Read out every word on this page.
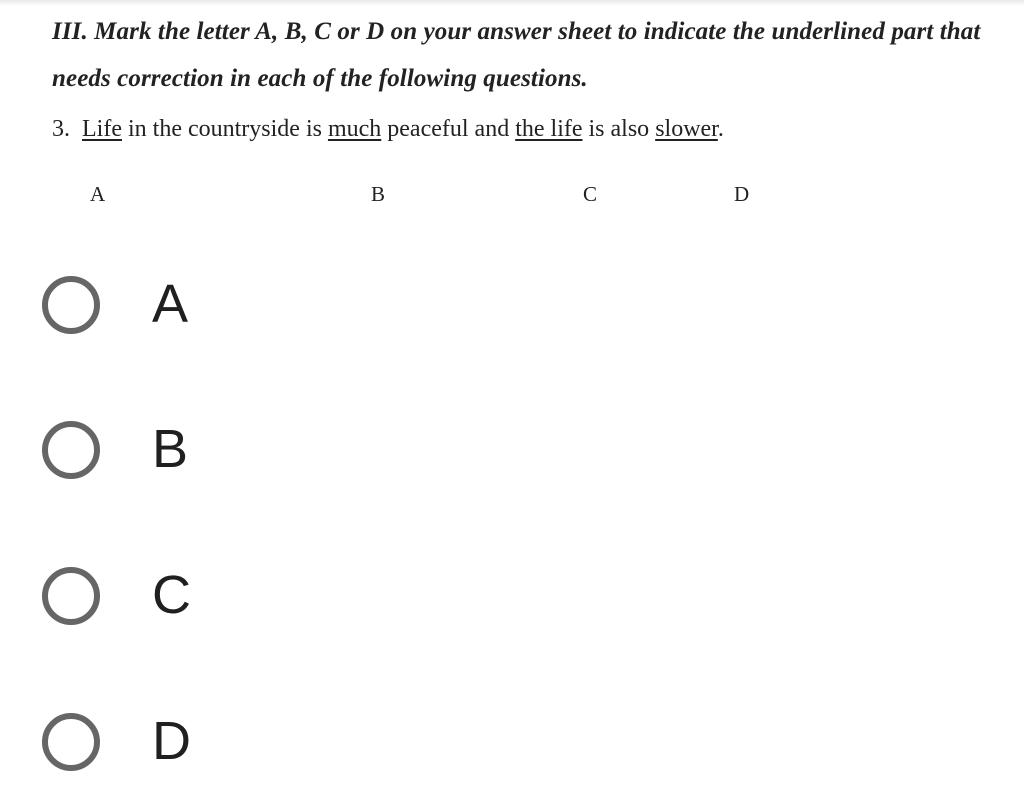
III. Mark the letter A, B, C or D on your answer sheet to indicate the underlined part that needs correction in each of the following questions.
3. Life in the countryside is much peaceful and the life is also slower.
A	B	C	D
A
B
C
D
